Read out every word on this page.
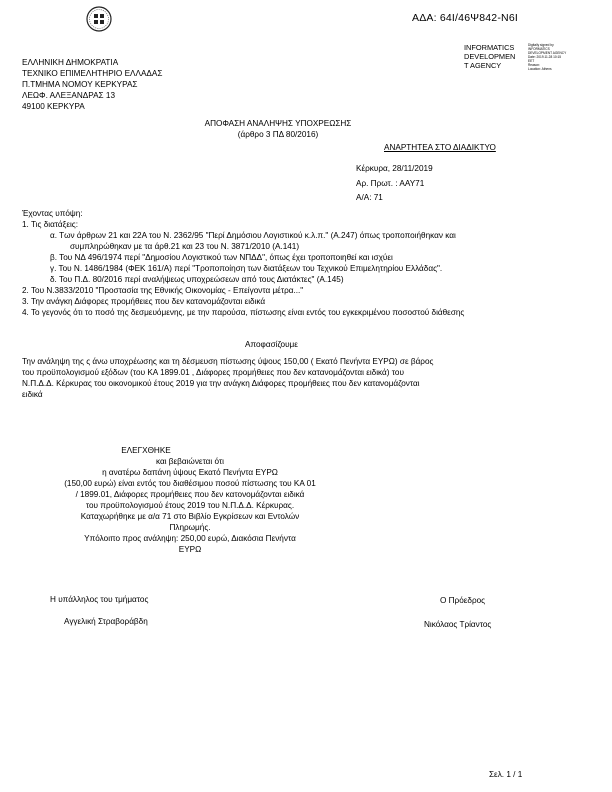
ΑΔΑ: 64Ι/46Ψ842-Ν6Ι
INFORMATICS
DEVELOPMEN
T AGENCY
Digitally signed by
INFORMATICS
DEVELOPMENT AGENCY
Date: 2019.11.28 10:15
EET
Reason:
Location: Athens
ΕΛΛΗΝΙΚΗ ΔΗΜΟΚΡΑΤΙΑ
ΤΕΧΝΙΚΟ ΕΠΙΜΕΛΗΤΗΡΙΟ ΕΛΛΑΔΑΣ
Π.ΤΜΗΜΑ ΝΟΜΟΥ ΚΕΡΚΥΡΑΣ
ΛΕΩΦ. ΑΛΕΞΑΝΔΡΑΣ 13
49100 ΚΕΡΚΥΡΑ
ΑΠΟΦΑΣΗ ΑΝΑΛΗΨΗΣ ΥΠΟΧΡΕΩΣΗΣ
(άρθρο 3 ΠΔ 80/2016)
ΑΝΑΡΤΗΤΕΑ ΣΤΟ ΔΙΑΔΙΚΤΥΟ
Κέρκυρα, 28/11/2019
Αρ. Πρωτ. : ΑΑΥ71
Α/Α: 71
Έχοντας υπόψη:
1. Τις διατάξεις:
α. Των άρθρων 21 και 22Α του Ν. 2362/95 "Περί Δημόσιου Λογιστικού κ.λ.π." (Α.247) όπως τροποποιήθηκαν και
συμπληρώθηκαν με τα άρθ.21 και 23 του Ν. 3871/2010 (Α.141)
β. Του ΝΔ 496/1974 περί "Δημοσίου Λογιστικού των ΝΠΔΔ", όπως έχει τροποποιηθεί και ισχύει
γ. Του Ν. 1486/1984 (ΦΕΚ 161/Α) περί "Τροποποίηση των διατάξεων του Τεχνικού Επιμελητηρίου Ελλάδας".
δ. Του Π.Δ. 80/2016 περί αναλήψεως υποχρεώσεων από τους Διατάκτες" (Α.145)
2. Του Ν.3833/2010 "Προστασία της Εθνικής Οικονομίας - Επείγοντα μέτρα..."
3. Την ανάγκη Διάφορες προμήθειες που δεν κατανομάζονται ειδικά
4. Το γεγονός ότι το ποσό της δεσμευόμενης, με την παρούσα, πίστωσης είναι εντός του εγκεκριμένου ποσοστού διάθεσης
Αποφασίζουμε
Την ανάληψη της ς άνω υποχρέωσης και τη δέσμευση πίστωσης ύψους 150,00 ( Εκατό Πενήντα ΕΥΡΩ) σε βάρος
του προϋπολογισμού εξόδων (του ΚΑ 1899.01 , Διάφορες προμήθειες που δεν κατανομάζονται ειδικά) του
Ν.Π.Δ.Δ. Κέρκυρας του οικονομικού έτους 2019 για την ανάγκη Διάφορες προμήθειες που δεν κατανομάζονται
ειδικά
ΕΛΕΓΧΘΗΚΕ
και βεβαιώνεται ότι
η ανατέρω δαπάνη ύψους Εκατό Πενήντα ΕΥΡΩ
(150,00 ευρώ) είναι εντός του διαθέσιμου ποσού πίστωσης του ΚΑ 01
/ 1899.01, Διάφορες προμήθειες που δεν κατονομάζονται ειδικά
του προϋπολογισμού έτους 2019 του Ν.Π.Δ.Δ. Κέρκυρας.
Καταχωρήθηκε με α/α 71 στο Βιβλίο Εγκρίσεων και Εντολών
Πληρωμής.
Υπόλοιπο προς ανάληψη: 250,00 ευρώ, Διακόσια Πενήντα
ΕΥΡΩ
Η υπάλληλος του τμήματος
Αγγελική Στραβοράβδη
Ο Πρόεδρος
Νικόλαος Τρίαντος
Σελ. 1 / 1
